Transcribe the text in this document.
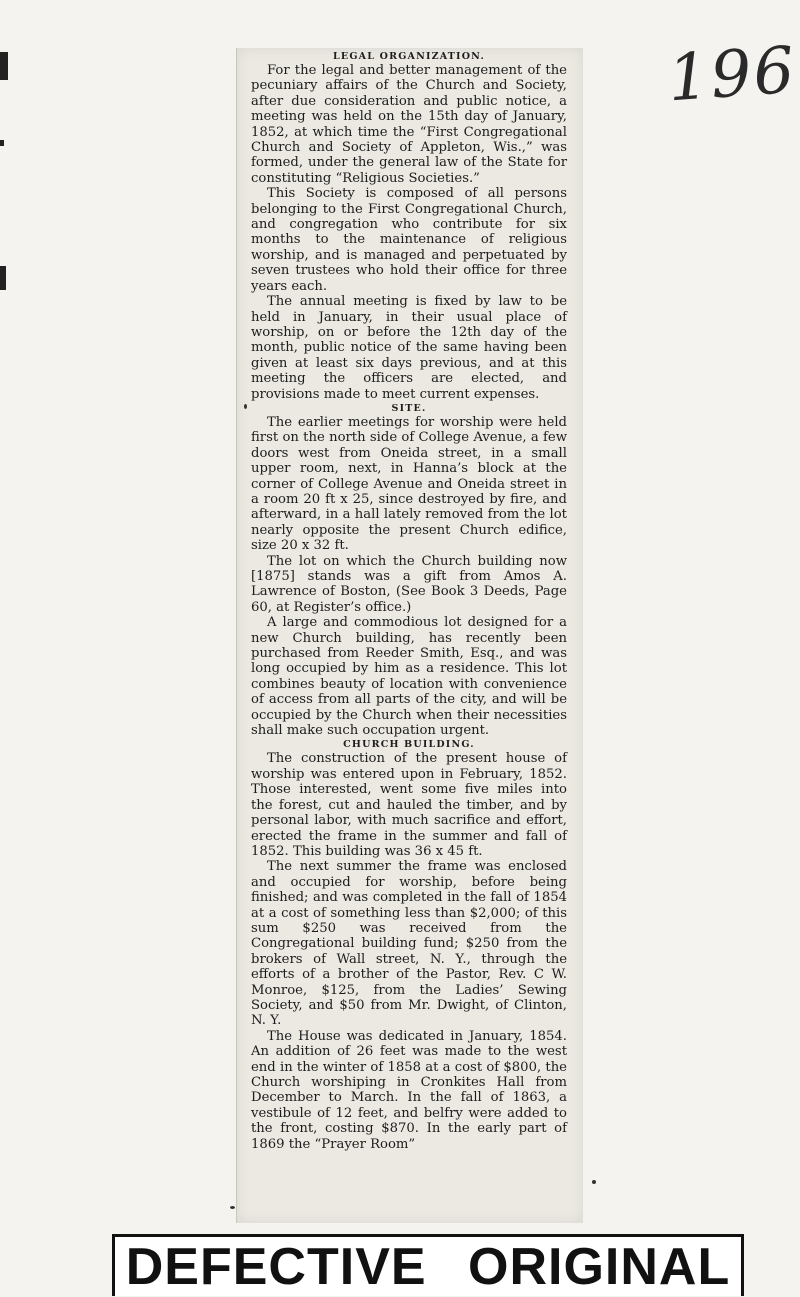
196
LEGAL ORGANIZATION.

For the legal and better management of the pecuniary affairs of the Church and Society, after due consideration and public notice, a meeting was held on the 15th day of January, 1852, at which time the “First Congregational Church and Society of Appleton, Wis.,” was formed, under the general law of the State for constituting “Religious Societies.”

This Society is composed of all persons belonging to the First Congregational Church, and congregation who contribute for six months to the maintenance of religious worship, and is managed and perpetuated by seven trustees who hold their office for three years each.

The annual meeting is fixed by law to be held in January, in their usual place of worship, on or before the 12th day of the month, public notice of the same having been given at least six days previous, and at this meeting the officers are elected, and provisions made to meet current expenses.

SITE.

The earlier meetings for worship were held first on the north side of College Avenue, a few doors west from Oneida street, in a small upper room, next, in Hanna’s block at the corner of College Avenue and Oneida street in a room 20 ft x 25, since destroyed by fire, and afterward, in a hall lately removed from the lot nearly opposite the present Church edifice, size 20 x 32 ft.

The lot on which the Church building now [1875] stands was a gift from Amos A. Lawrence of Boston, (See Book 3 Deeds, Page 60, at Register’s office.)

A large and commodious lot designed for a new Church building, has recently been purchased from Reeder Smith, Esq., and was long occupied by him as a residence. This lot combines beauty of location with convenience of access from all parts of the city, and will be occupied by the Church when their necessities shall make such occupation urgent.

CHURCH BUILDING.

The construction of the present house of worship was entered upon in February, 1852. Those interested, went some five miles into the forest, cut and hauled the timber, and by personal labor, with much sacrifice and effort, erected the frame in the summer and fall of 1852. This building was 36 x 45 ft.

The next summer the frame was enclosed and occupied for worship, before being finished; and was completed in the fall of 1854 at a cost of something less than $2,000; of this sum $250 was received from the Congregational building fund; $250 from the brokers of Wall street, N. Y., through the efforts of a brother of the Pastor, Rev. C W. Monroe, $125, from the Ladies’ Sewing Society, and $50 from Mr. Dwight, of Clinton, N. Y.

The House was dedicated in January, 1854. An addition of 26 feet was made to the west end in the winter of 1858 at a cost of $800, the Church worshiping in Cronkites Hall from December to March. In the fall of 1863, a vestibule of 12 feet, and belfry were added to the front, costing $870. In the early part of 1869 the “Prayer Room”

DEFECTIVE ORIGINAL
